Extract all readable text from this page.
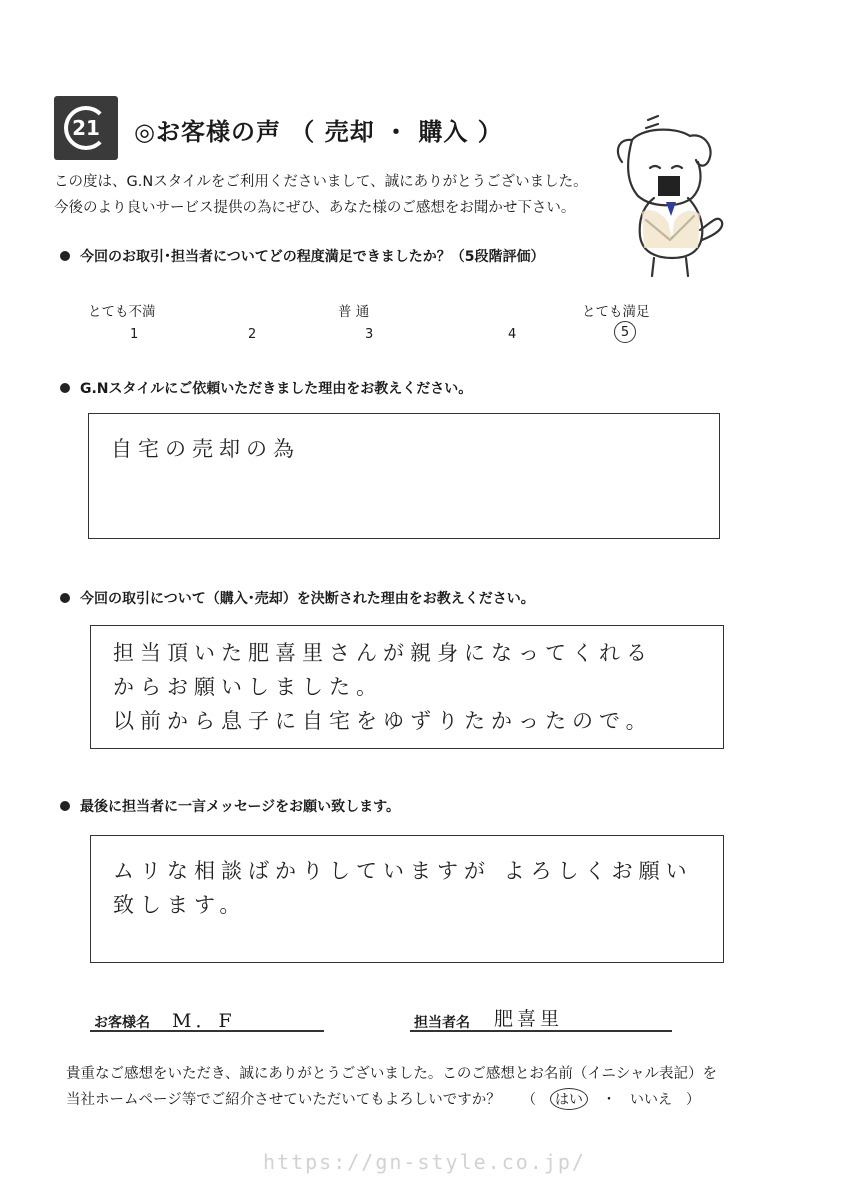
21 ◎お客様の声 （ 売却 ・ 購入 ）
この度は、G.Nスタイルをご利用くださいまして、誠にありがとうございました。
今後のより良いサービス提供の為にぜひ、あなた様のご感想をお聞かせ下さい。
今回のお取引･担当者についてどの程度満足できましたか？（5段階評価）
とても不満	普 通	とても満足
1	2	3	4	5
G.Nスタイルにご依頼いただきました理由をお教えください。
自宅の売却の為
今回の取引について（購入･売却）を決断された理由をお教えください。
担当頂いた肥喜里さんが親身になってくれる
からお願いしました。
以前から息子に自宅をゆずりたかったので。
最後に担当者に一言メッセージをお願い致します。
ムリな相談ばかりしていますが よろしくお願い
致します。
お客様名 M．F	担当者名 肥喜里
貴重なご感想をいただき、誠にありがとうございました。このご感想とお名前（イニシャル表記）を
当社ホームページ等でご紹介させていただいてもよろしいですか？ （	はい	・ いいえ ）
https://gn-style.co.jp/
